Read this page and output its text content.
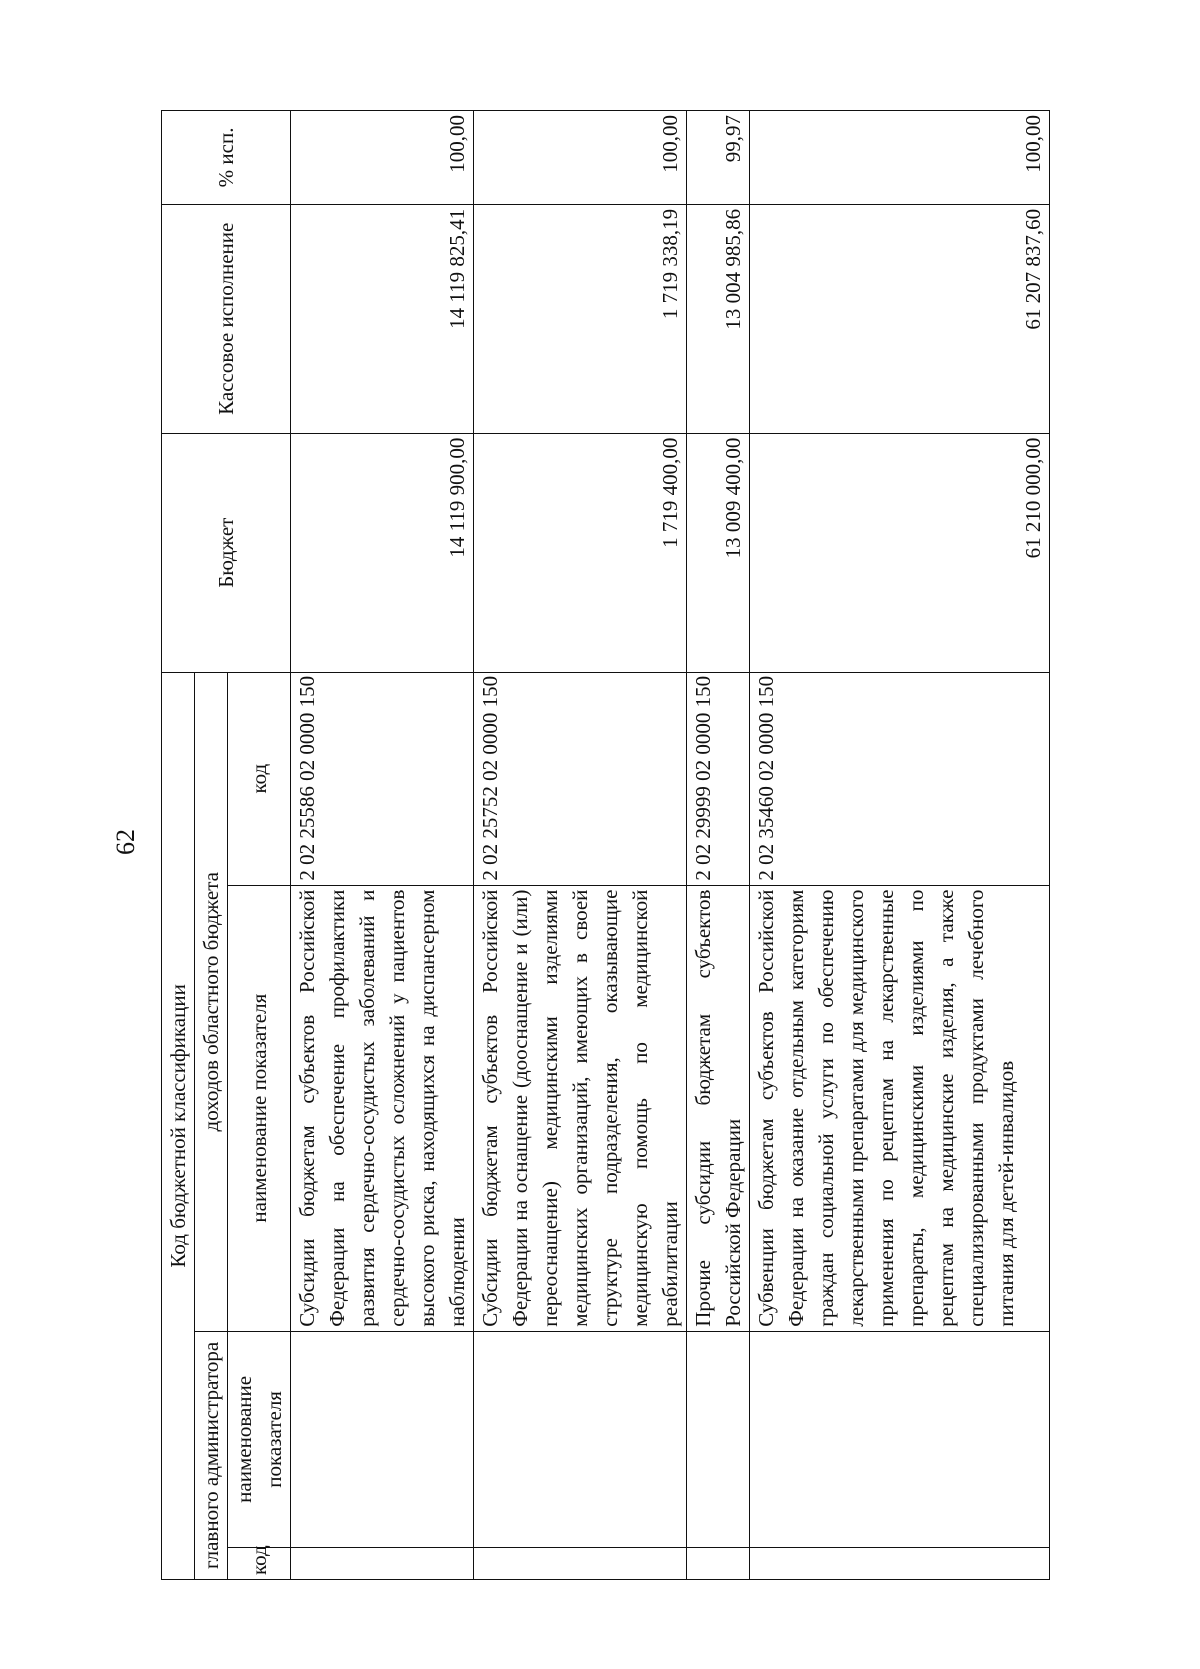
62
Код бюджетной классификации				Бюджет	Кассовое исполнение	% исп.
главного администратора		доходов областного бюджета				
код	наименование показателя	наименование показателя	код			
		Субсидии бюджетам субъектов Российской Федерации на обеспечение профилактики развития сердечно-сосудистых заболеваний и сердечно-сосудистых осложнений у пациентов высокого риска, находящихся на диспансерном наблюдении	2 02 25586 02 0000 150	14 119 900,00	14 119 825,41	100,00
		Субсидии бюджетам субъектов Российской Федерации на оснащение (дооснащение и (или) переоснащение) медицинскими изделиями медицинских организаций, имеющих в своей структуре подразделения, оказывающие медицинскую помощь по медицинской реабилитации	2 02 25752 02 0000 150	1 719 400,00	1 719 338,19	100,00
		Прочие субсидии бюджетам субъектов Российской Федерации	2 02 29999 02 0000 150	13 009 400,00	13 004 985,86	99,97
		Субвенции бюджетам субъектов Российской Федерации на оказание отдельным категориям граждан социальной услуги по обеспечению лекарственными препаратами для медицинского применения по рецептам на лекарственные препараты, медицинскими изделиями по рецептам на медицинские изделия, а также специализированными продуктами лечебного питания для детей-инвалидов	2 02 35460 02 0000 150	61 210 000,00	61 207 837,60	100,00
